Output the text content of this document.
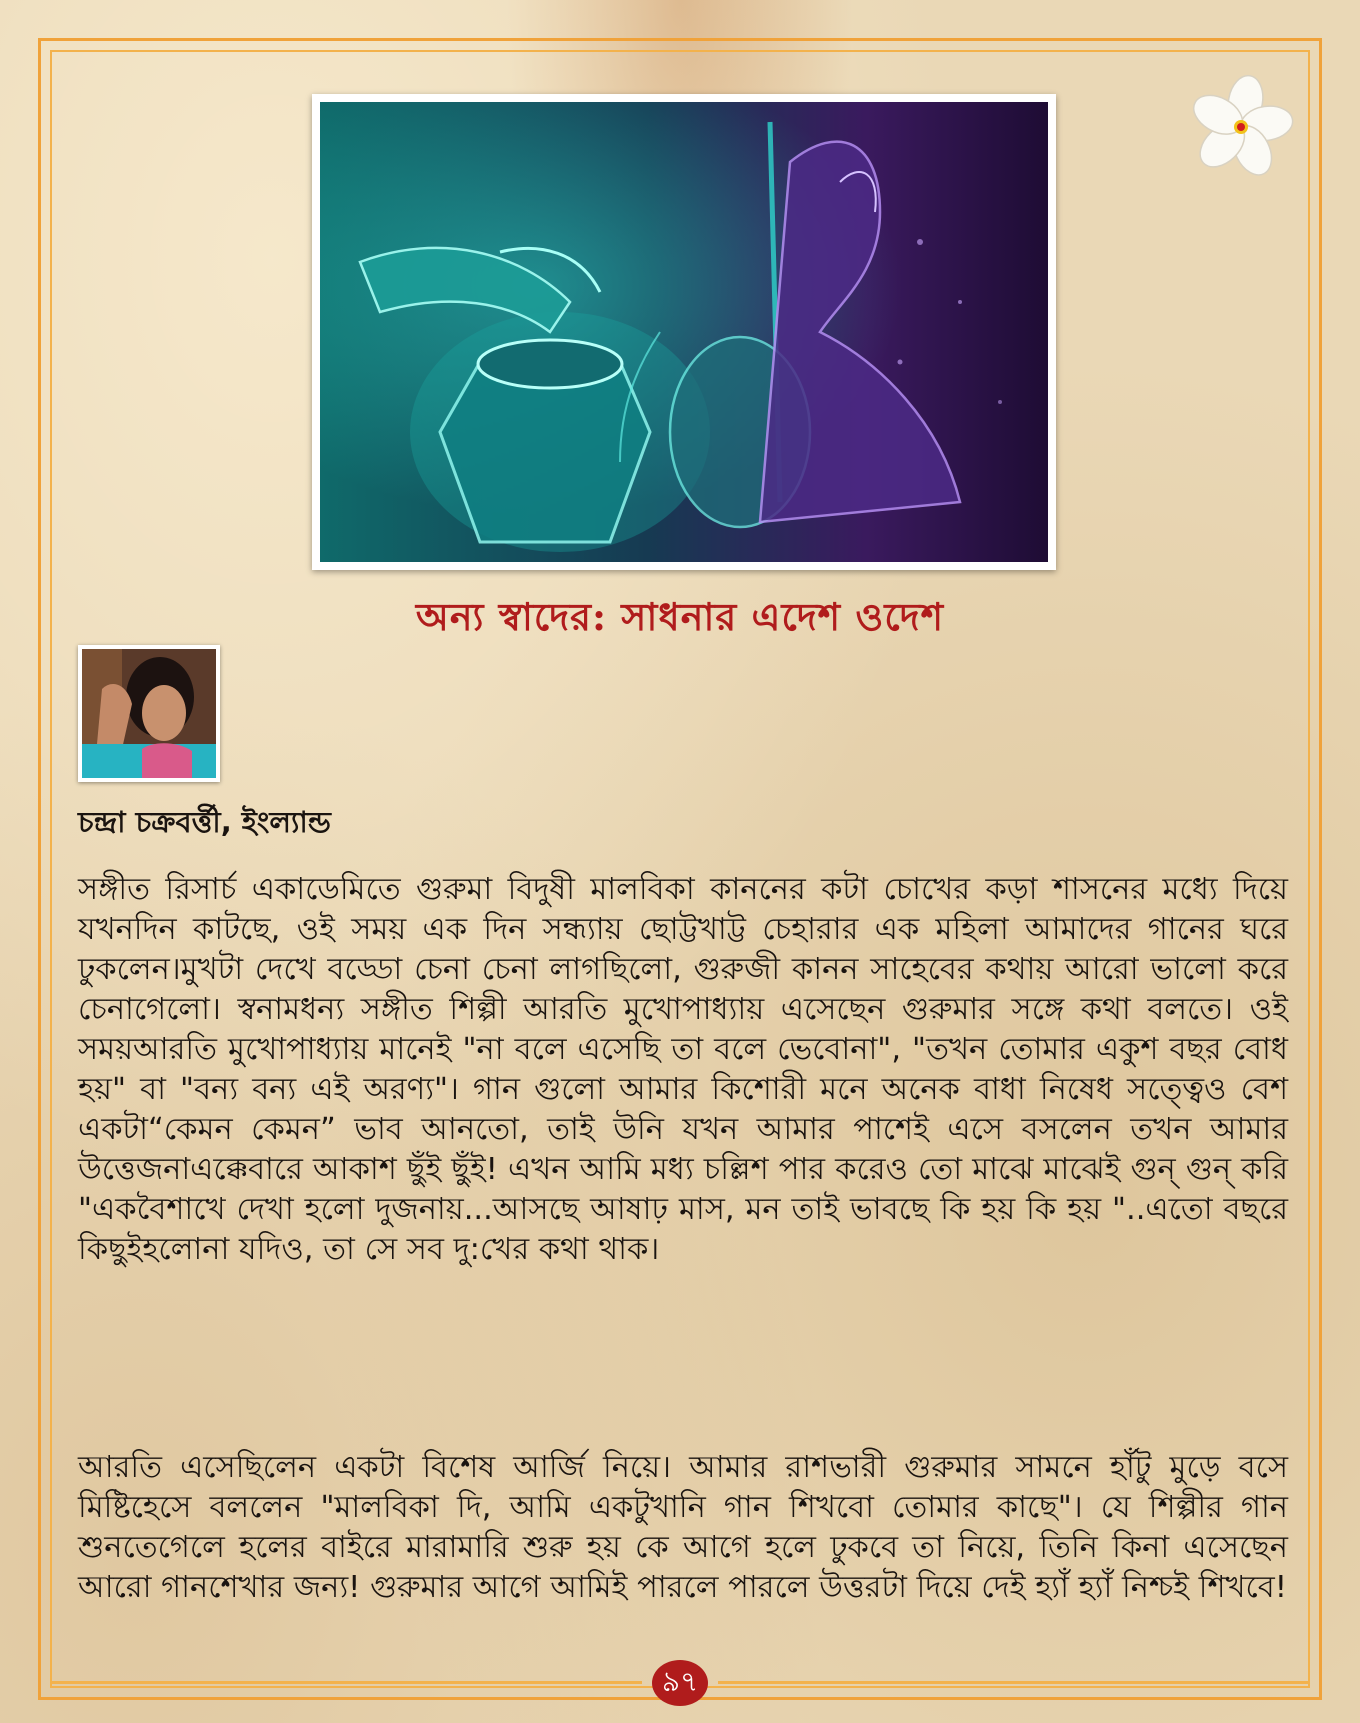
অন্য স্বাদের: সাধনার এদেশ ওদেশ
চন্দ্রা চক্রবর্ত্তী, ইংল্যান্ড
সঙ্গীত রিসার্চ একাডেমিতে গুরুমা বিদুষী মালবিকা কাননের কটা চোখের কড়া শাসনের মধ্যে দিয়ে যখনদিন কাটছে, ওই সময় এক দিন সন্ধ্যায় ছোট্টখাট্ট চেহারার এক মহিলা আমাদের গানের ঘরে ঢুকলেন।মুখটা দেখে বড্ডো চেনা চেনা লাগছিলো, গুরুজী কানন সাহেবের কথায় আরো ভালো করে চেনাগেলো। স্বনামধন্য সঙ্গীত শিল্পী আরতি মুখোপাধ্যায় এসেছেন গুরুমার সঙ্গে কথা বলতে। ওই সময়আরতি মুখোপাধ্যায় মানেই "না বলে এসেছি তা বলে ভেবোনা", "তখন তোমার একুশ বছর বোধ হয়" বা "বন্য বন্য এই অরণ্য"। গান গুলো আমার কিশোরী মনে অনেক বাধা নিষেধ সত্ত্বেও বেশ একটা“কেমন কেমন” ভাব আনতো, তাই উনি যখন আমার পাশেই এসে বসলেন তখন আমার উত্তেজনাএক্কেবারে আকাশ ছুঁই ছুঁই! এখন আমি মধ্য চল্লিশ পার করেও তো মাঝে মাঝেই গুন্ গুন্ করি "একবৈশাখে দেখা হলো দুজনায়...আসছে আষাঢ় মাস, মন তাই ভাবছে কি হয় কি হয় "..এতো বছরে কিছুইহলোনা যদিও, তা সে সব দু:খের কথা থাক।
আরতি এসেছিলেন একটা বিশেষ আর্জি নিয়ে। আমার রাশভারী গুরুমার সামনে হাঁটু মুড়ে বসে মিষ্টিহেসে বললেন "মালবিকা দি, আমি একটুখানি গান শিখবো তোমার কাছে"। যে শিল্পীর গান শুনতেগেলে হলের বাইরে মারামারি শুরু হয় কে আগে হলে ঢুকবে তা নিয়ে, তিনি কিনা এসেছেন আরো গানশেখার জন্য! গুরুমার আগে আমিই পারলে পারলে উত্তরটা দিয়ে দেই হ্যাঁ হ্যাঁ নিশ্চই শিখবে!
৯৭
